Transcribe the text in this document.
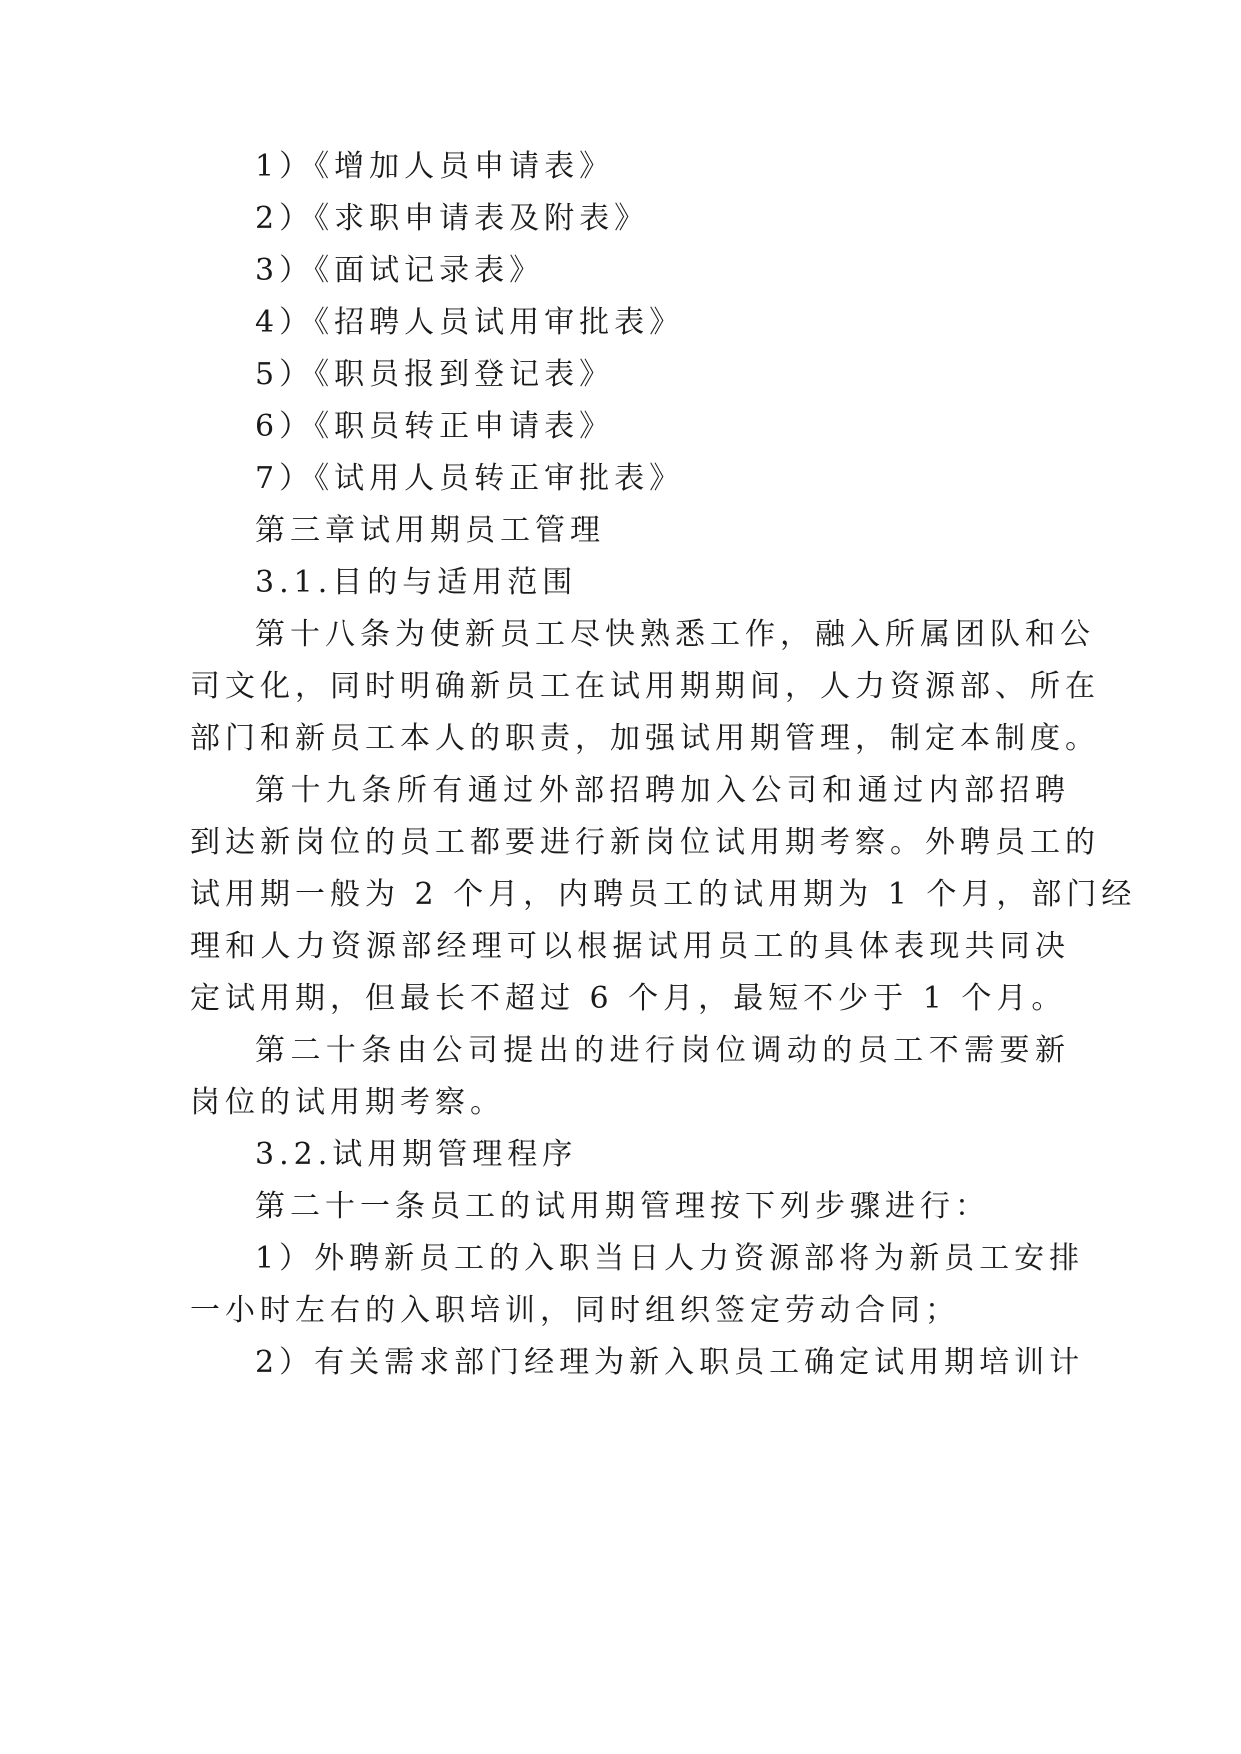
1）《增加人员申请表》
2）《求职申请表及附表》
3）《面试记录表》
4）《招聘人员试用审批表》
5）《职员报到登记表》
6）《职员转正申请表》
7）《试用人员转正审批表》
第三章试用期员工管理
3.1.目的与适用范围
第十八条为使新员工尽快熟悉工作，融入所属团队和公
司文化，同时明确新员工在试用期期间，人力资源部、所在
部门和新员工本人的职责，加强试用期管理，制定本制度。
第十九条所有通过外部招聘加入公司和通过内部招聘
到达新岗位的员工都要进行新岗位试用期考察。外聘员工的
试用期一般为 2 个月，内聘员工的试用期为 1 个月，部门经
理和人力资源部经理可以根据试用员工的具体表现共同决
定试用期，但最长不超过 6 个月，最短不少于 1 个月。
第二十条由公司提出的进行岗位调动的员工不需要新
岗位的试用期考察。
3.2.试用期管理程序
第二十一条员工的试用期管理按下列步骤进行：
1）外聘新员工的入职当日人力资源部将为新员工安排
一小时左右的入职培训，同时组织签定劳动合同；
2）有关需求部门经理为新入职员工确定试用期培训计
